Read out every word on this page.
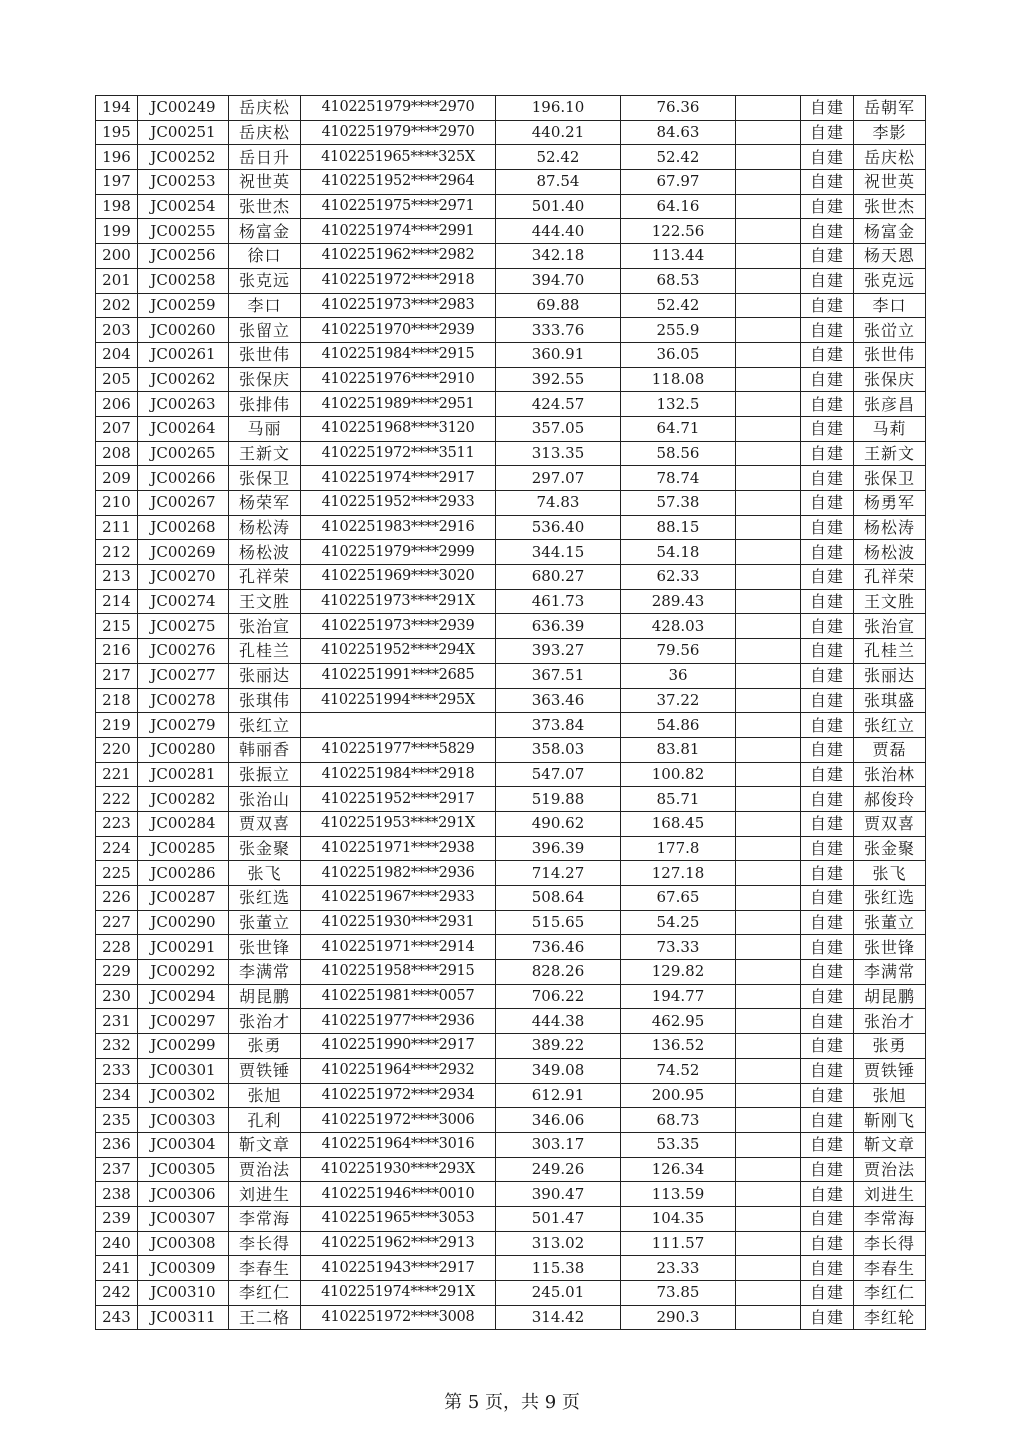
194	JC00249	岳庆松	4102251979****2970	196.10	76.36		自建	岳朝军
195	JC00251	岳庆松	4102251979****2970	440.21	84.63		自建	李影
196	JC00252	岳日升	4102251965****325X	52.42	52.42		自建	岳庆松
197	JC00253	祝世英	4102251952****2964	87.54	67.97		自建	祝世英
198	JC00254	张世杰	4102251975****2971	501.40	64.16		自建	张世杰
199	JC00255	杨富金	4102251974****2991	444.40	122.56		自建	杨富金
200	JC00256	徐口	4102251962****2982	342.18	113.44		自建	杨天恩
201	JC00258	张克远	4102251972****2918	394.70	68.53		自建	张克远
202	JC00259	李口	4102251973****2983	69.88	52.42		自建	李口
203	JC00260	张留立	4102251970****2939	333.76	255.9		自建	张峃立
204	JC00261	张世伟	4102251984****2915	360.91	36.05		自建	张世伟
205	JC00262	张保庆	4102251976****2910	392.55	118.08		自建	张保庆
206	JC00263	张排伟	4102251989****2951	424.57	132.5		自建	张彦昌
207	JC00264	马丽	4102251968****3120	357.05	64.71		自建	马莉
208	JC00265	王新文	4102251972****3511	313.35	58.56		自建	王新文
209	JC00266	张保卫	4102251974****2917	297.07	78.74		自建	张保卫
210	JC00267	杨荣军	4102251952****2933	74.83	57.38		自建	杨勇军
211	JC00268	杨松涛	4102251983****2916	536.40	88.15		自建	杨松涛
212	JC00269	杨松波	4102251979****2999	344.15	54.18		自建	杨松波
213	JC00270	孔祥荣	4102251969****3020	680.27	62.33		自建	孔祥荣
214	JC00274	王文胜	4102251973****291X	461.73	289.43		自建	王文胜
215	JC00275	张治宣	4102251973****2939	636.39	428.03		自建	张治宣
216	JC00276	孔桂兰	4102251952****294X	393.27	79.56		自建	孔桂兰
217	JC00277	张丽达	4102251991****2685	367.51	36		自建	张丽达
218	JC00278	张琪伟	4102251994****295X	363.46	37.22		自建	张琪盛
219	JC00279	张红立		373.84	54.86		自建	张红立
220	JC00280	韩丽香	4102251977****5829	358.03	83.81		自建	贾磊
221	JC00281	张振立	4102251984****2918	547.07	100.82		自建	张治林
222	JC00282	张治山	4102251952****2917	519.88	85.71		自建	郝俊玲
223	JC00284	贾双喜	4102251953****291X	490.62	168.45		自建	贾双喜
224	JC00285	张金聚	4102251971****2938	396.39	177.8		自建	张金聚
225	JC00286	张飞	4102251982****2936	714.27	127.18		自建	张飞
226	JC00287	张红选	4102251967****2933	508.64	67.65		自建	张红选
227	JC00290	张董立	4102251930****2931	515.65	54.25		自建	张董立
228	JC00291	张世锋	4102251971****2914	736.46	73.33		自建	张世锋
229	JC00292	李满常	4102251958****2915	828.26	129.82		自建	李满常
230	JC00294	胡昆鹏	4102251981****0057	706.22	194.77		自建	胡昆鹏
231	JC00297	张治才	4102251977****2936	444.38	462.95		自建	张治才
232	JC00299	张勇	4102251990****2917	389.22	136.52		自建	张勇
233	JC00301	贾铁锤	4102251964****2932	349.08	74.52		自建	贾铁锤
234	JC00302	张旭	4102251972****2934	612.91	200.95		自建	张旭
235	JC00303	孔利	4102251972****3006	346.06	68.73		自建	靳刚飞
236	JC00304	靳文章	4102251964****3016	303.17	53.35		自建	靳文章
237	JC00305	贾治法	4102251930****293X	249.26	126.34		自建	贾治法
238	JC00306	刘进生	4102251946****0010	390.47	113.59		自建	刘进生
239	JC00307	李常海	4102251965****3053	501.47	104.35		自建	李常海
240	JC00308	李长得	4102251962****2913	313.02	111.57		自建	李长得
241	JC00309	李春生	4102251943****2917	115.38	23.33		自建	李春生
242	JC00310	李红仁	4102251974****291X	245.01	73.85		自建	李红仁
243	JC00311	王二格	4102251972****3008	314.42	290.3		自建	李红轮
第 5 页，共 9 页
